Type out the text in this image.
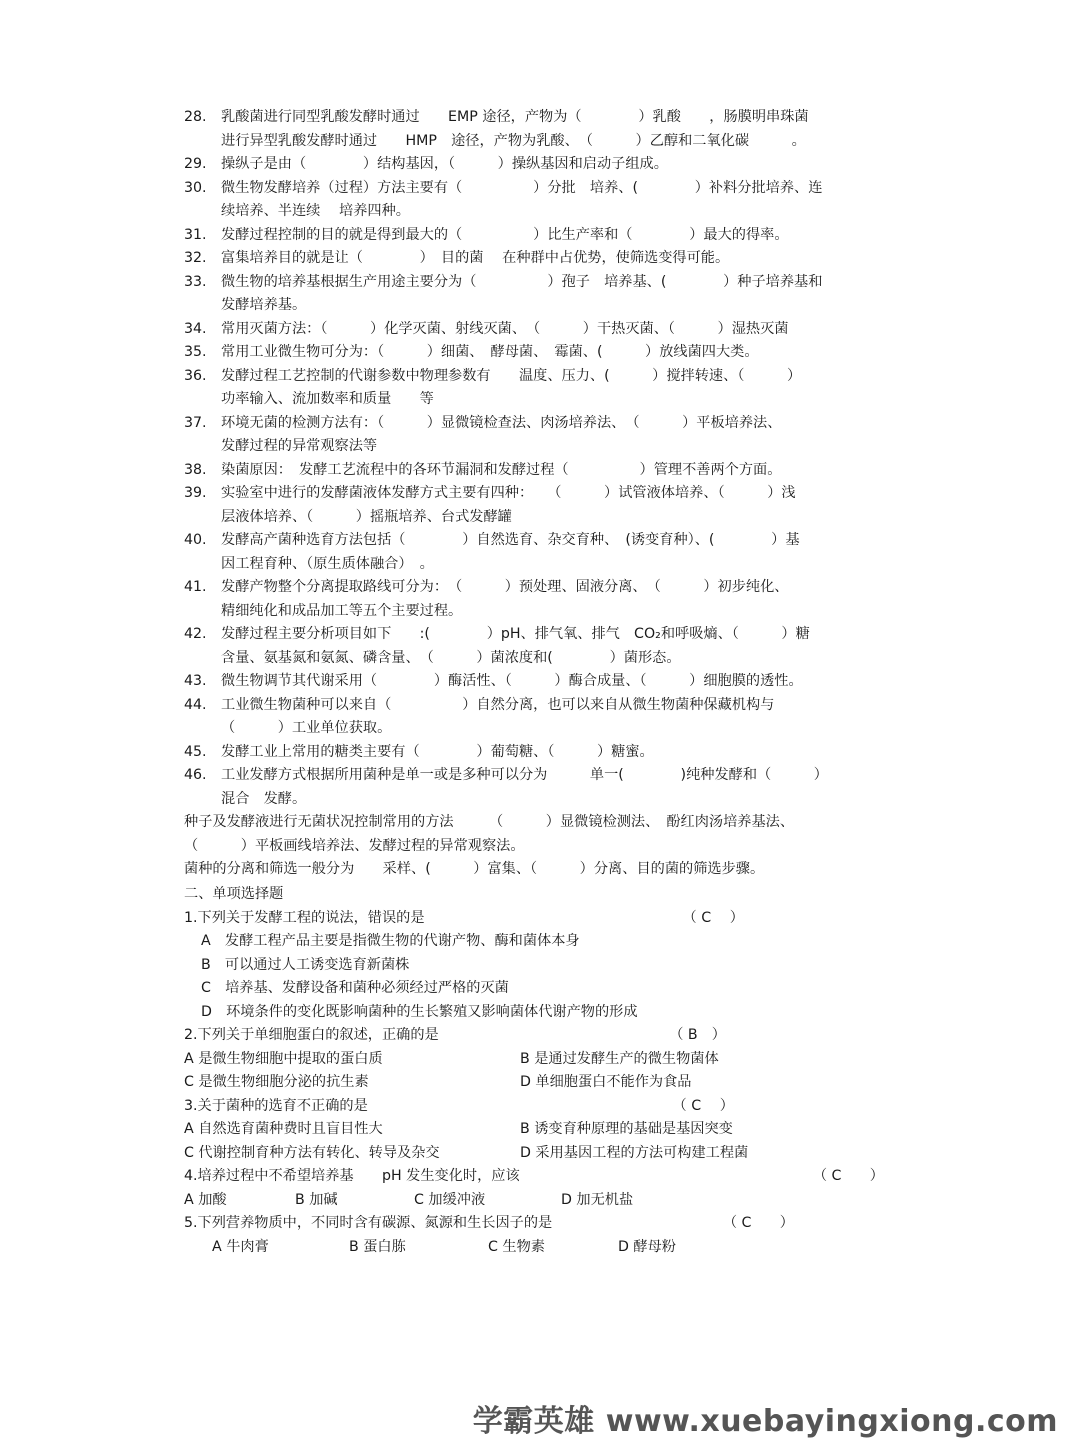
28.	乳酸菌进行同型乳酸发酵时通过　　EMP 途径，产物为（　　　　）乳酸　　，肠膜明串珠菌
进行异型乳酸发酵时通过　　HMP　途径，产物为乳酸、　（　　　）乙醇和二氧化碳　　　。
29.	操纵子是由（　　　　）结构基因，（　　　）操纵基因和启动子组成。
30.	微生物发酵培养（过程）方法主要有（　　　　　）分批　培养、(　　　　）补料分批培养、连
续培养、半连续　 培养四种。
31.	发酵过程控制的目的就是得到最大的（　　　　　）比生产率和（　　　　）最大的得率。
32.	富集培养目的就是让（　　　　）　目的菌　 在种群中占优势，使筛选变得可能。
33.	微生物的培养基根据生产用途主要分为（　　　　　）孢子　培养基、(　　　　）种子培养基和
发酵培养基。
34.	常用灭菌方法：（　　　）化学灭菌、射线灭菌、　（　　　）干热灭菌、（　　　）湿热灭菌
35.	常用工业微生物可分为：（　　　）细菌、　酵母菌、　霉菌、(　　　）放线菌四大类。
36.	发酵过程工艺控制的代谢参数中物理参数有　　温度、压力、(　　　）搅拌转速、（　　　）
功率输入、流加数率和质量　　等
37.	环境无菌的检测方法有：（　　　）显微镜检查法、肉汤培养法、　（　　　）平板培养法、
发酵过程的异常观察法等
38.	染菌原因：　发酵工艺流程中的各环节漏洞和发酵过程（　　　　　）管理不善两个方面。
39.	实验室中进行的发酵菌液体发酵方式主要有四种：　　（　　　）试管液体培养、（　　　）浅
层液体培养、（　　　）摇瓶培养、台式发酵罐
40.	发酵高产菌种选育方法包括（　　　　）自然选育、杂交育种、　(诱变育种）、(　　　　）基
因工程育种、（原生质体融合）　。
41.	发酵产物整个分离提取路线可分为：　（　　　）预处理、固液分离、　（　　　）初步纯化、
精细纯化和成品加工等五个主要过程。
42.	发酵过程主要分析项目如下　　:(　　　　）pH、排气氧、排气　CO₂和呼吸熵、（　　　）糖
含量、氨基氮和氨氮、磷含量、　（　　　）菌浓度和(　　　　）菌形态。
43.	微生物调节其代谢采用（　　　　）酶活性、（　　　）酶合成量、（　　　）细胞膜的透性。
44.	工业微生物菌种可以来自（　　　　　）自然分离，也可以来自从微生物菌种保藏机构与
（　　　）工业单位获取。
45.	发酵工业上常用的糖类主要有（　　　　）葡萄糖、（　　　）糖蜜。
46.	工业发酵方式根据所用菌种是单一或是多种可以分为　　　单一(　　　　)纯种发酵和（　　　）
混合　发酵。
种子及发酵液进行无菌状况控制常用的方法　　　（　　　）显微镜检测法、　酚红肉汤培养基法、
（　　　）平板画线培养法、发酵过程的异常观察法。
菌种的分离和筛选一般分为　　采样、(　　　）富集、（　　　）分离、目的菌的筛选步骤。
二、单项选择题
1.下列关于发酵工程的说法，错误的是	（ C　 ）
A　发酵工程产品主要是指微生物的代谢产物、酶和菌体本身
B　可以通过人工诱变选育新菌株
C　培养基、发酵设备和菌种必须经过严格的灭菌
D　环境条件的变化既影响菌种的生长繁殖又影响菌体代谢产物的形成
2.下列关于单细胞蛋白的叙述，正确的是	（ B　）
A 是微生物细胞中提取的蛋白质	B 是通过发酵生产的微生物菌体
C 是微生物细胞分泌的抗生素	D 单细胞蛋白不能作为食品
3.关于菌种的选育不正确的是	（ C　 ）
A 自然选育菌种费时且盲目性大	B 诱变育种原理的基础是基因突变
C 代谢控制育种方法有转化、转导及杂交	D 采用基因工程的方法可构建工程菌
4.培养过程中不希望培养基　　pH 发生变化时，应该	（ C　　）
A 加酸	B 加碱	C 加缓冲液	D 加无机盐
5.下列营养物质中，不同时含有碳源、氮源和生长因子的是	（ C　　）
A 牛肉膏	B 蛋白胨	C 生物素	D 酵母粉
学霸英雄 www.xuebayingxiong.com
